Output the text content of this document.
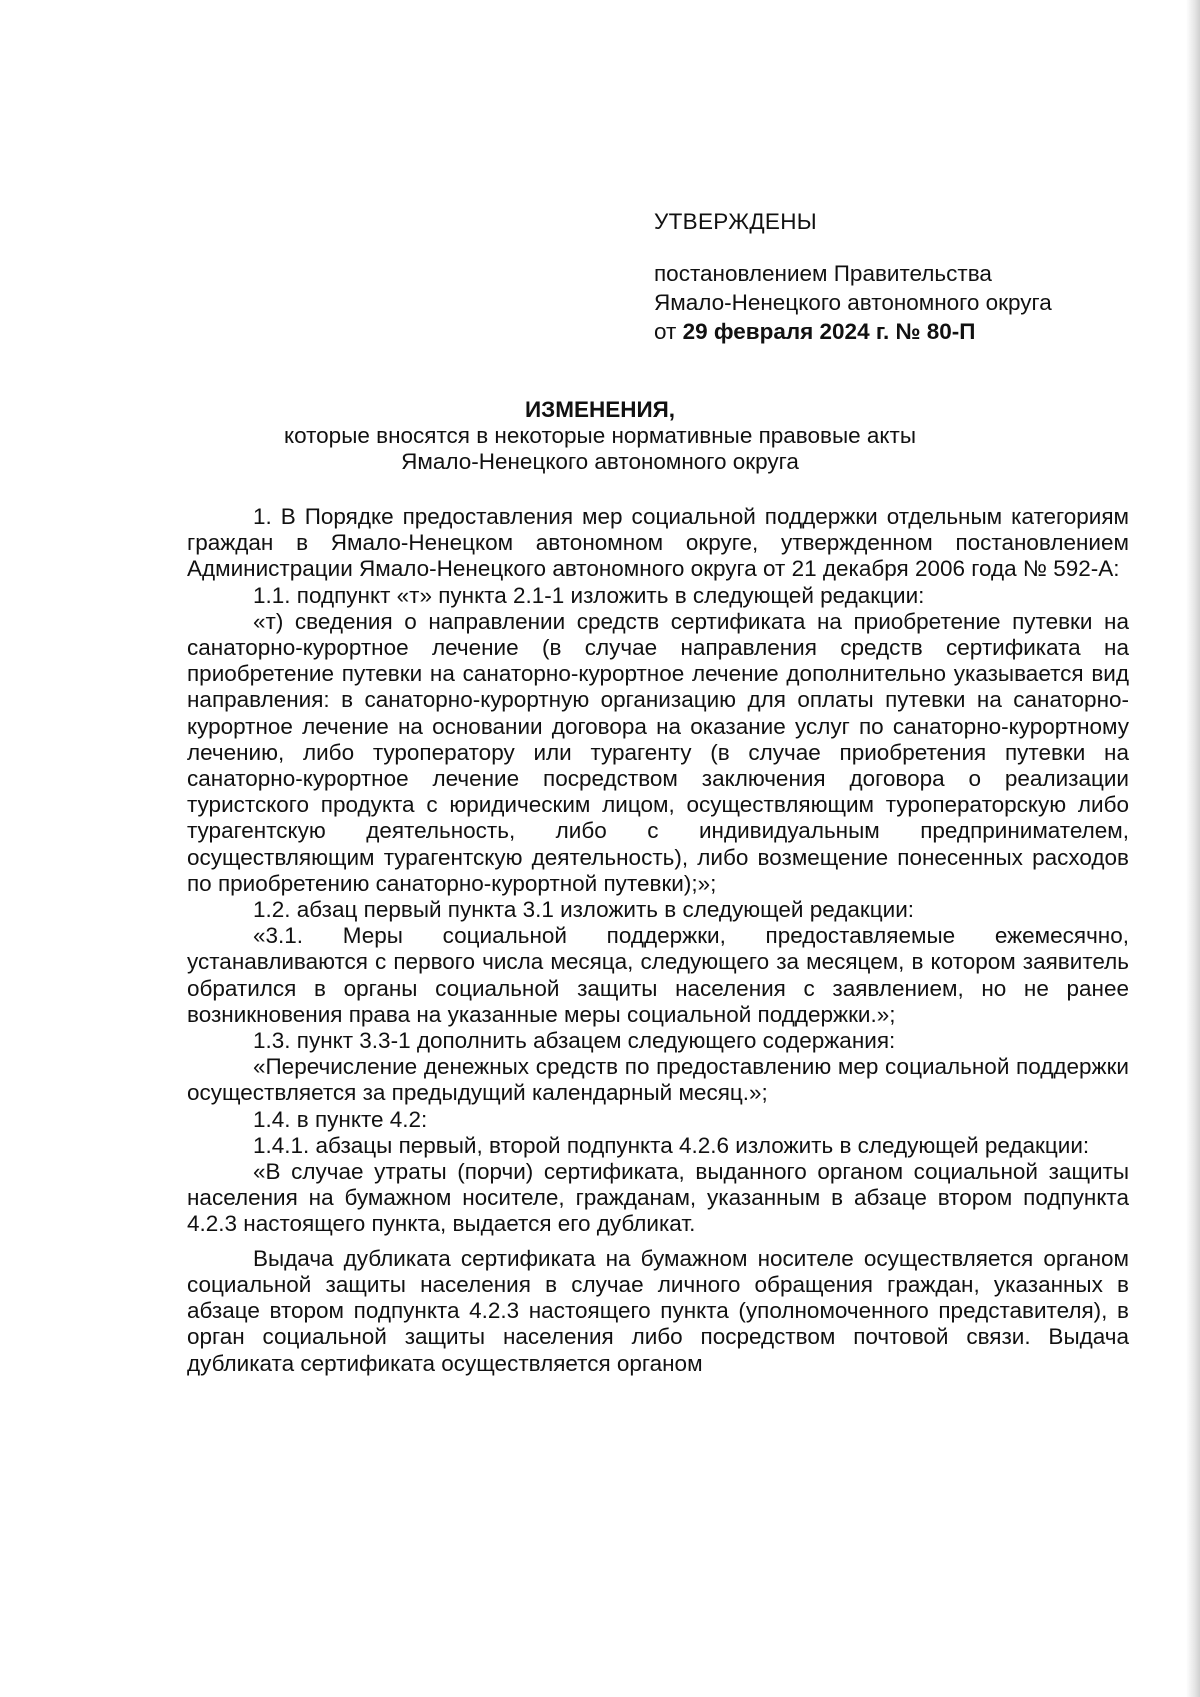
УТВЕРЖДЕНЫ

постановлением Правительства

Ямало-Ненецкого автономного округа

от 29 февраля 2024 г. № 80-П

ИЗМЕНЕНИЯ,

которые вносятся в некоторые нормативные правовые акты

Ямало-Ненецкого автономного округа

1. В Порядке предоставления мер социальной поддержки отдельным категориям граждан в Ямало-Ненецком автономном округе, утвержденном постановлением Администрации Ямало-Ненецкого автономного округа от 21 декабря 2006 года № 592-А:

1.1. подпункт «т» пункта 2.1-1 изложить в следующей редакции:

«т) сведения о направлении средств сертификата на приобретение путевки на санаторно-курортное лечение (в случае направления средств сертификата на приобретение путевки на санаторно-курортное лечение дополнительно указывается вид направления: в санаторно-курортную организацию для оплаты путевки на санаторно-курортное лечение на основании договора на оказание услуг по санаторно-курортному лечению, либо туроператору или турагенту (в случае приобретения путевки на санаторно-курортное лечение посредством заключения договора о реализации туристского продукта с юридическим лицом, осуществляющим туроператорскую либо турагентскую деятельность, либо с индивидуальным предпринимателем, осуществляющим турагентскую деятельность), либо возмещение понесенных расходов по приобретению санаторно-курортной путевки);»;

1.2. абзац первый пункта 3.1 изложить в следующей редакции:

«3.1. Меры социальной поддержки, предоставляемые ежемесячно, устанавливаются с первого числа месяца, следующего за месяцем, в котором заявитель обратился в органы социальной защиты населения с заявлением, но не ранее возникновения права на указанные меры социальной поддержки.»;

1.3. пункт 3.3-1 дополнить абзацем следующего содержания:

«Перечисление денежных средств по предоставлению мер социальной поддержки осуществляется за предыдущий календарный месяц.»;

1.4. в пункте 4.2:

1.4.1. абзацы первый, второй подпункта 4.2.6 изложить в следующей редакции:

«В случае утраты (порчи) сертификата, выданного органом социальной защиты населения на бумажном носителе, гражданам, указанным в абзаце втором подпункта 4.2.3 настоящего пункта, выдается его дубликат.

Выдача дубликата сертификата на бумажном носителе осуществляется органом социальной защиты населения в случае личного обращения граждан, указанных в абзаце втором подпункта 4.2.3 настоящего пункта (уполномоченного представителя), в орган социальной защиты населения либо посредством почтовой связи. Выдача дубликата сертификата осуществляется органом
